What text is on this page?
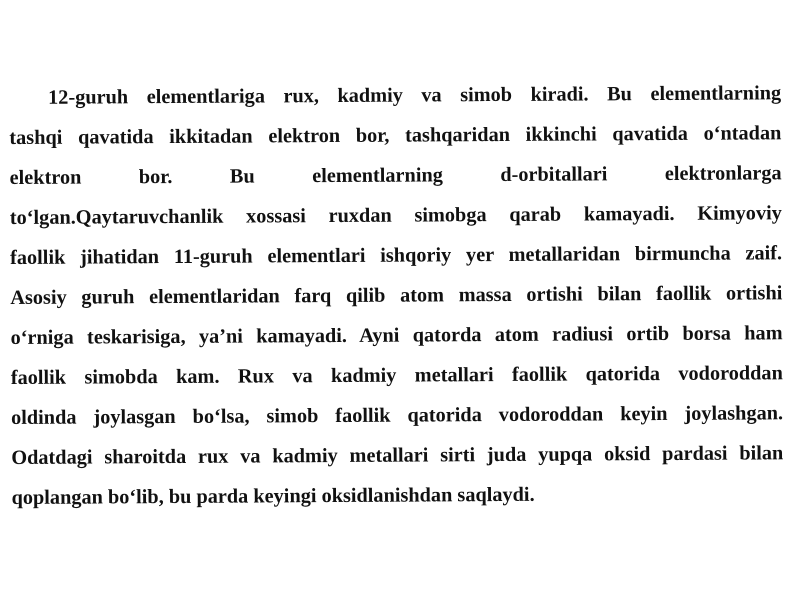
12-guruh elementlariga rux, kadmiy va simob kiradi. Bu elementlarning
tashqi qavatida ikkitadan elektron bor, tashqaridan ikkinchi qavatida o‘ntadan
elektron bor. Bu elementlarning d-orbitallari elektronlarga
to‘lgan.Qaytaruvchanlik xossasi ruxdan simobga qarab kamayadi. Kimyoviy
faollik jihatidan 11-guruh elementlari ishqoriy yer metallaridan birmuncha zaif.
Asosiy guruh elementlaridan farq qilib atom massa ortishi bilan faollik ortishi
o‘rniga teskarisiga, ya’ni kamayadi. Ayni qatorda atom radiusi ortib borsa ham
faollik simobda kam. Rux va kadmiy metallari faollik qatorida vodoroddan
oldinda joylasgan bo‘lsa, simob faollik qatorida vodoroddan keyin joylashgan.
Odatdagi sharoitda rux va kadmiy metallari sirti juda yupqa oksid pardasi bilan
qoplangan bo‘lib, bu parda keyingi oksidlanishdan saqlaydi.
